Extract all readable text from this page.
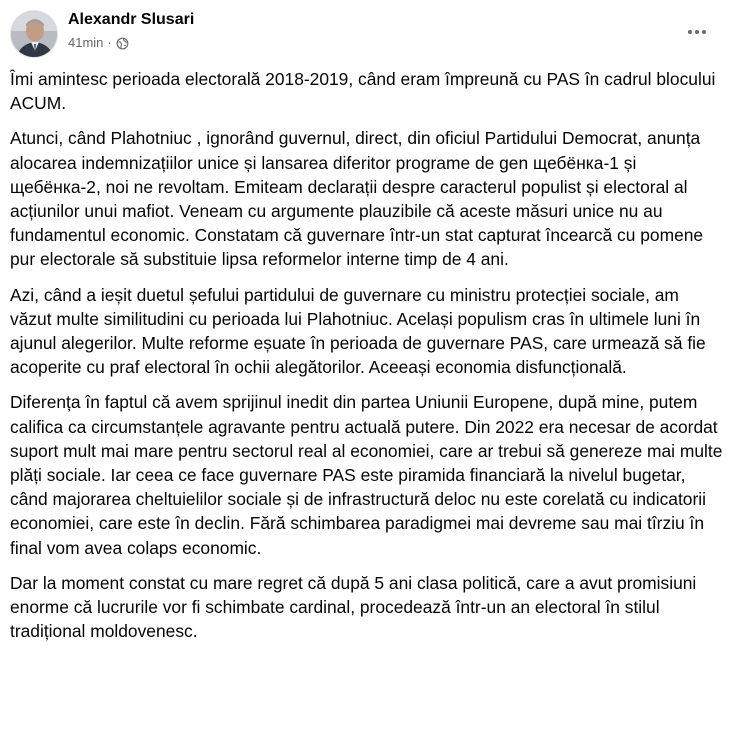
Alexandr Slusari
41min ·

Îmi amintesc perioada electorală 2018-2019, când eram împreună cu PAS în cadrul blocului ACUM.

Atunci, când Plahotniuc , ignorând guvernul, direct, din oficiul Partidului Democrat, anunța alocarea indemnizațiilor unice și lansarea diferitor programe de gen щебёнка-1 și щебёнка-2, noi ne revoltam. Emiteam declarații despre caracterul populist și electoral al acțiunilor unui mafiot. Veneam cu argumente plauzibile că aceste măsuri unice nu au fundamentul economic. Constatam că guvernare într-un stat capturat încearcă cu pomene pur electorale să substituie lipsa reformelor interne timp de 4 ani.

Azi, când a ieșit duetul șefului partidului de guvernare cu ministru protecției sociale, am văzut multe similitudini cu perioada lui Plahotniuc. Același populism cras în ultimele luni în ajunul alegerilor. Multe reforme eșuate în perioada de guvernare PAS, care urmează să fie acoperite cu praf electoral în ochii alegătorilor. Aceeași economia disfuncțională.

Diferența în faptul că avem sprijinul inedit din partea Uniunii Europene, după mine, putem califica ca circumstanțele agravante pentru actuală putere. Din 2022 era necesar de acordat suport mult mai mare pentru sectorul real al economiei, care ar trebui să genereze mai multe plăți sociale. Iar ceea ce face guvernare PAS este piramida financiară la nivelul bugetar, când majorarea cheltuielilor sociale și de infrastructură deloc nu este corelată cu indicatorii economiei, care este în declin. Fără schimbarea paradigmei mai devreme sau mai tîrziu în final vom avea colaps economic.

Dar la moment constat cu mare regret că după 5 ani clasa politică, care a avut promisiuni enorme că lucrurile vor fi schimbate cardinal, procedează într-un an electoral în stilul tradițional moldovenesc.
